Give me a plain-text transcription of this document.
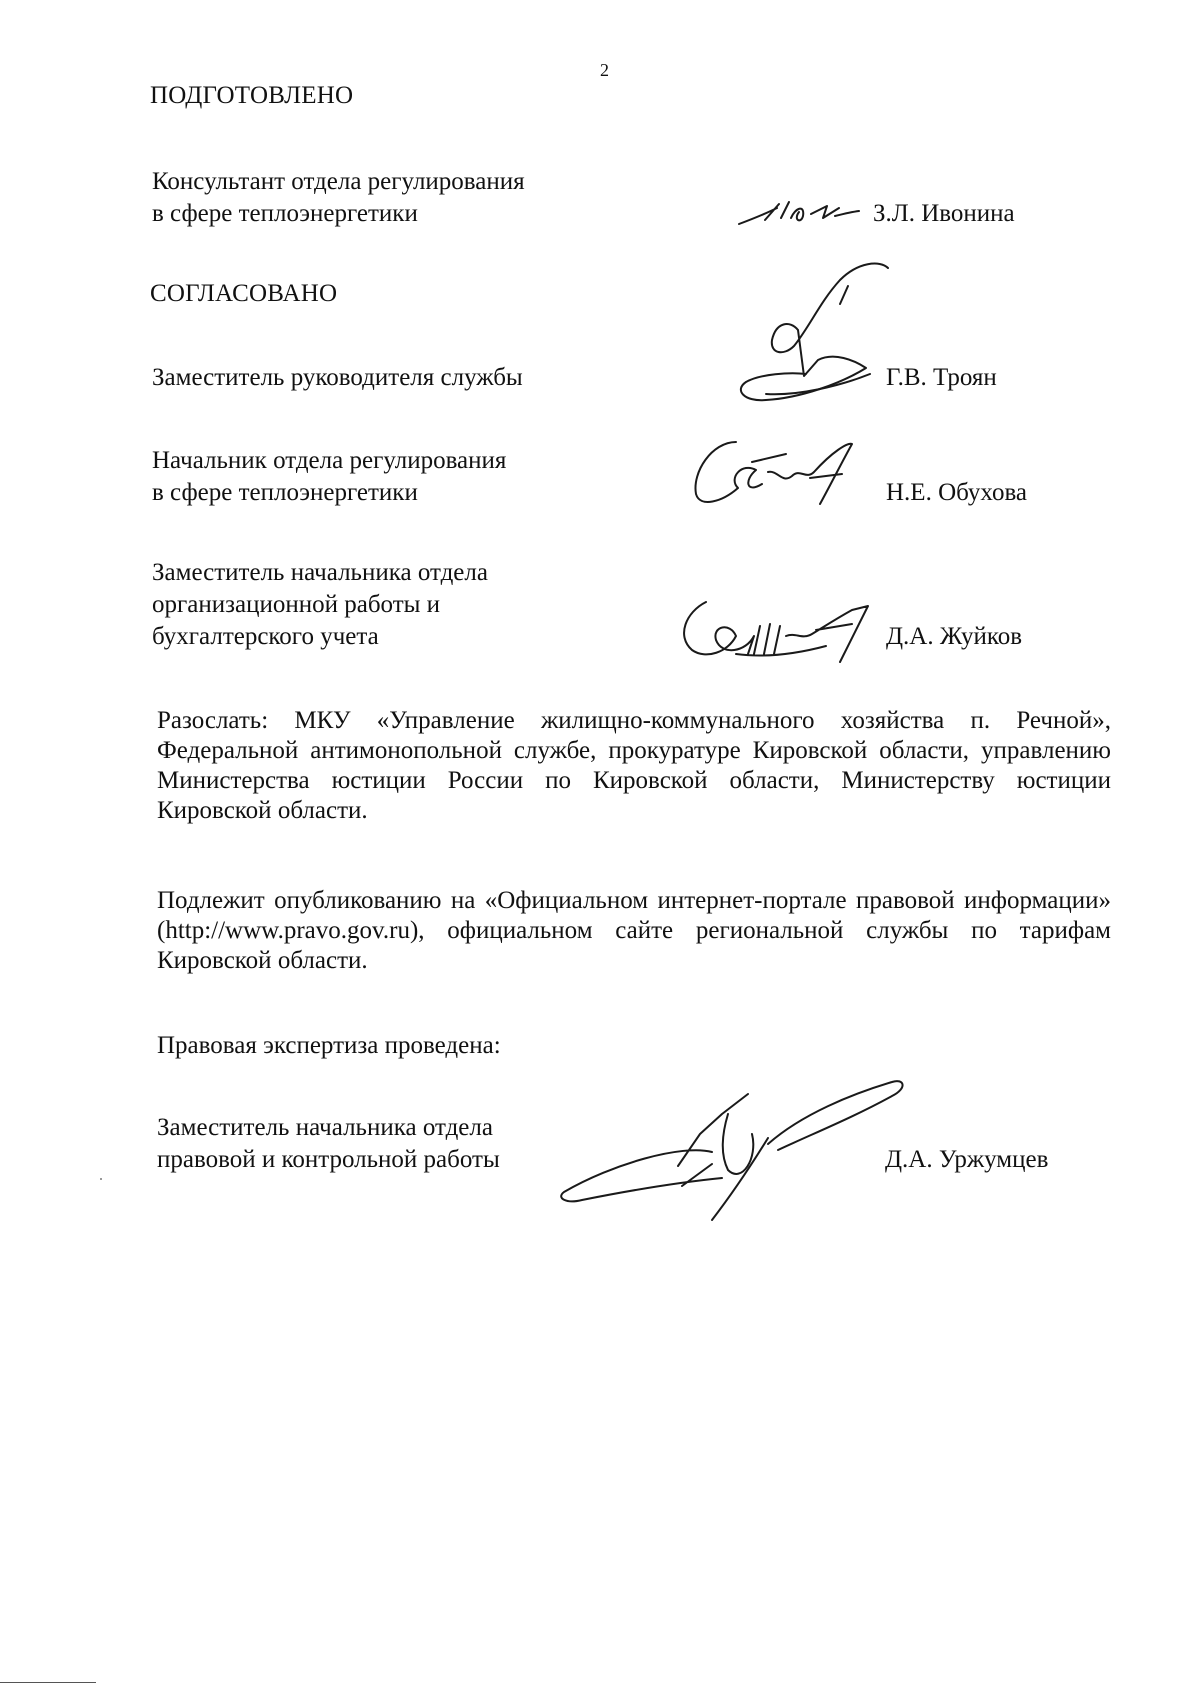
2
ПОДГОТОВЛЕНО
Консультант отдела регулирования
в сфере теплоэнергетики	З.Л. Ивонина
СОГЛАСОВАНО
Заместитель руководителя службы	Г.В. Троян
Начальник отдела регулирования
в сфере теплоэнергетики	Н.Е. Обухова
Заместитель начальника отдела
организационной работы и
бухгалтерского учета	Д.А. Жуйков
Разослать: МКУ «Управление жилищно-коммунального хозяйства п. Речной», Федеральной антимонопольной службе, прокуратуре Кировской области, управлению Министерства юстиции России по Кировской области, Министерству юстиции Кировской области.
Подлежит опубликованию на «Официальном интернет-портале правовой информации» (http://www.pravo.gov.ru), официальном сайте региональной службы по тарифам Кировской области.
Правовая экспертиза проведена:
Заместитель начальника отдела
правовой и контрольной работы	Д.А. Уржумцев
